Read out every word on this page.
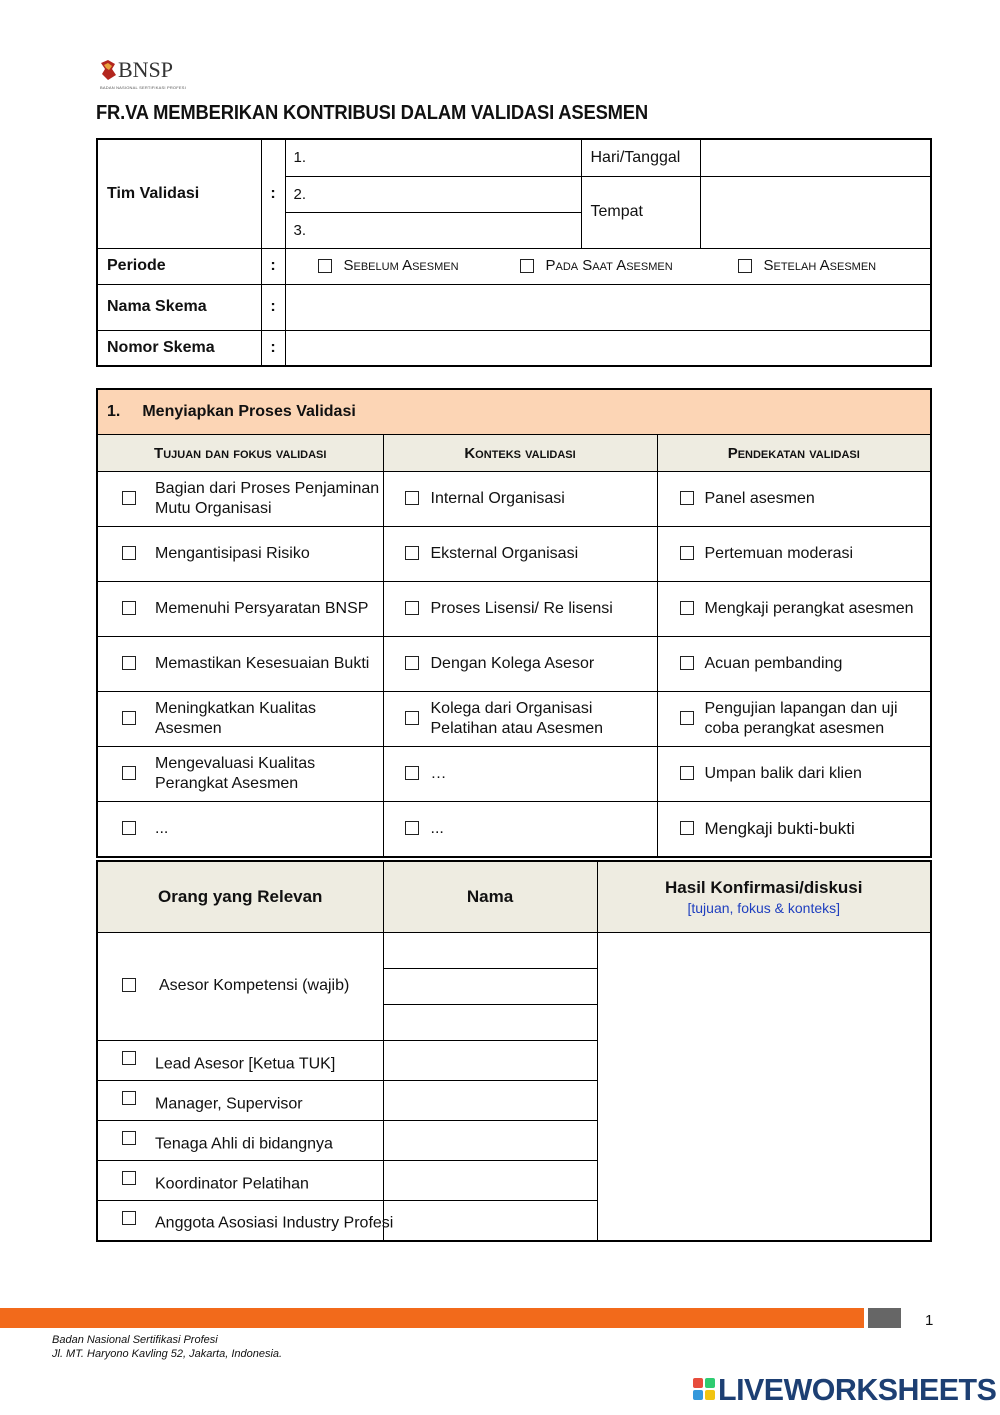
BNSP
BADAN NASIONAL SERTIFIKASI PROFESI
FR.VA MEMBERIKAN KONTRIBUSI DALAM VALIDASI ASESMEN
Tim Validasi	:	1.	Hari/Tanggal	
		2.	Tempat	
		3.		
Periode	:	Sebelum Asesmen Pada Saat Asesmen Setelah Asesmen		

Nama Skema	:			
Nomor Skema	:			
1. Menyiapkan Proses Validasi		
Tujuan dan fokus validasi	Konteks validasi	Pendekatan validasi

Bagian dari Proses Penjaminan Mutu Organisasi	Internal Organisasi	Panel asesmen

Mengantisipasi Risiko	Eksternal Organisasi	Pertemuan moderasi

Memenuhi Persyaratan BNSP	Proses Lisensi/ Re lisensi	Mengkaji perangkat asesmen

Memastikan Kesesuaian Bukti	Dengan Kolega Asesor	Acuan pembanding

Meningkatkan Kualitas Asesmen	Kolega dari Organisasi Pelatihan atau Asesmen	Pengujian lapangan dan uji coba perangkat asesmen

Mengevaluasi Kualitas Perangkat Asesmen	…	Umpan balik dari klien

...	...	Mengkaji bukti-bukti
Orang yang Relevan	Nama	Hasil Konfirmasi/diskusi
[tujuan, fokus & konteks]

Asesor Kompetensi (wajib)		

Lead Asesor [Ketua TUK]		

Manager, Supervisor		

Tenaga Ahli di bidangnya		

Koordinator Pelatihan		

Anggota Asosiasi Industry Profesi		

1
Badan Nasional Sertifikasi Profesi
Jl. MT. Haryono Kavling 52, Jakarta, Indonesia.
LIVEWORKSHEETS
